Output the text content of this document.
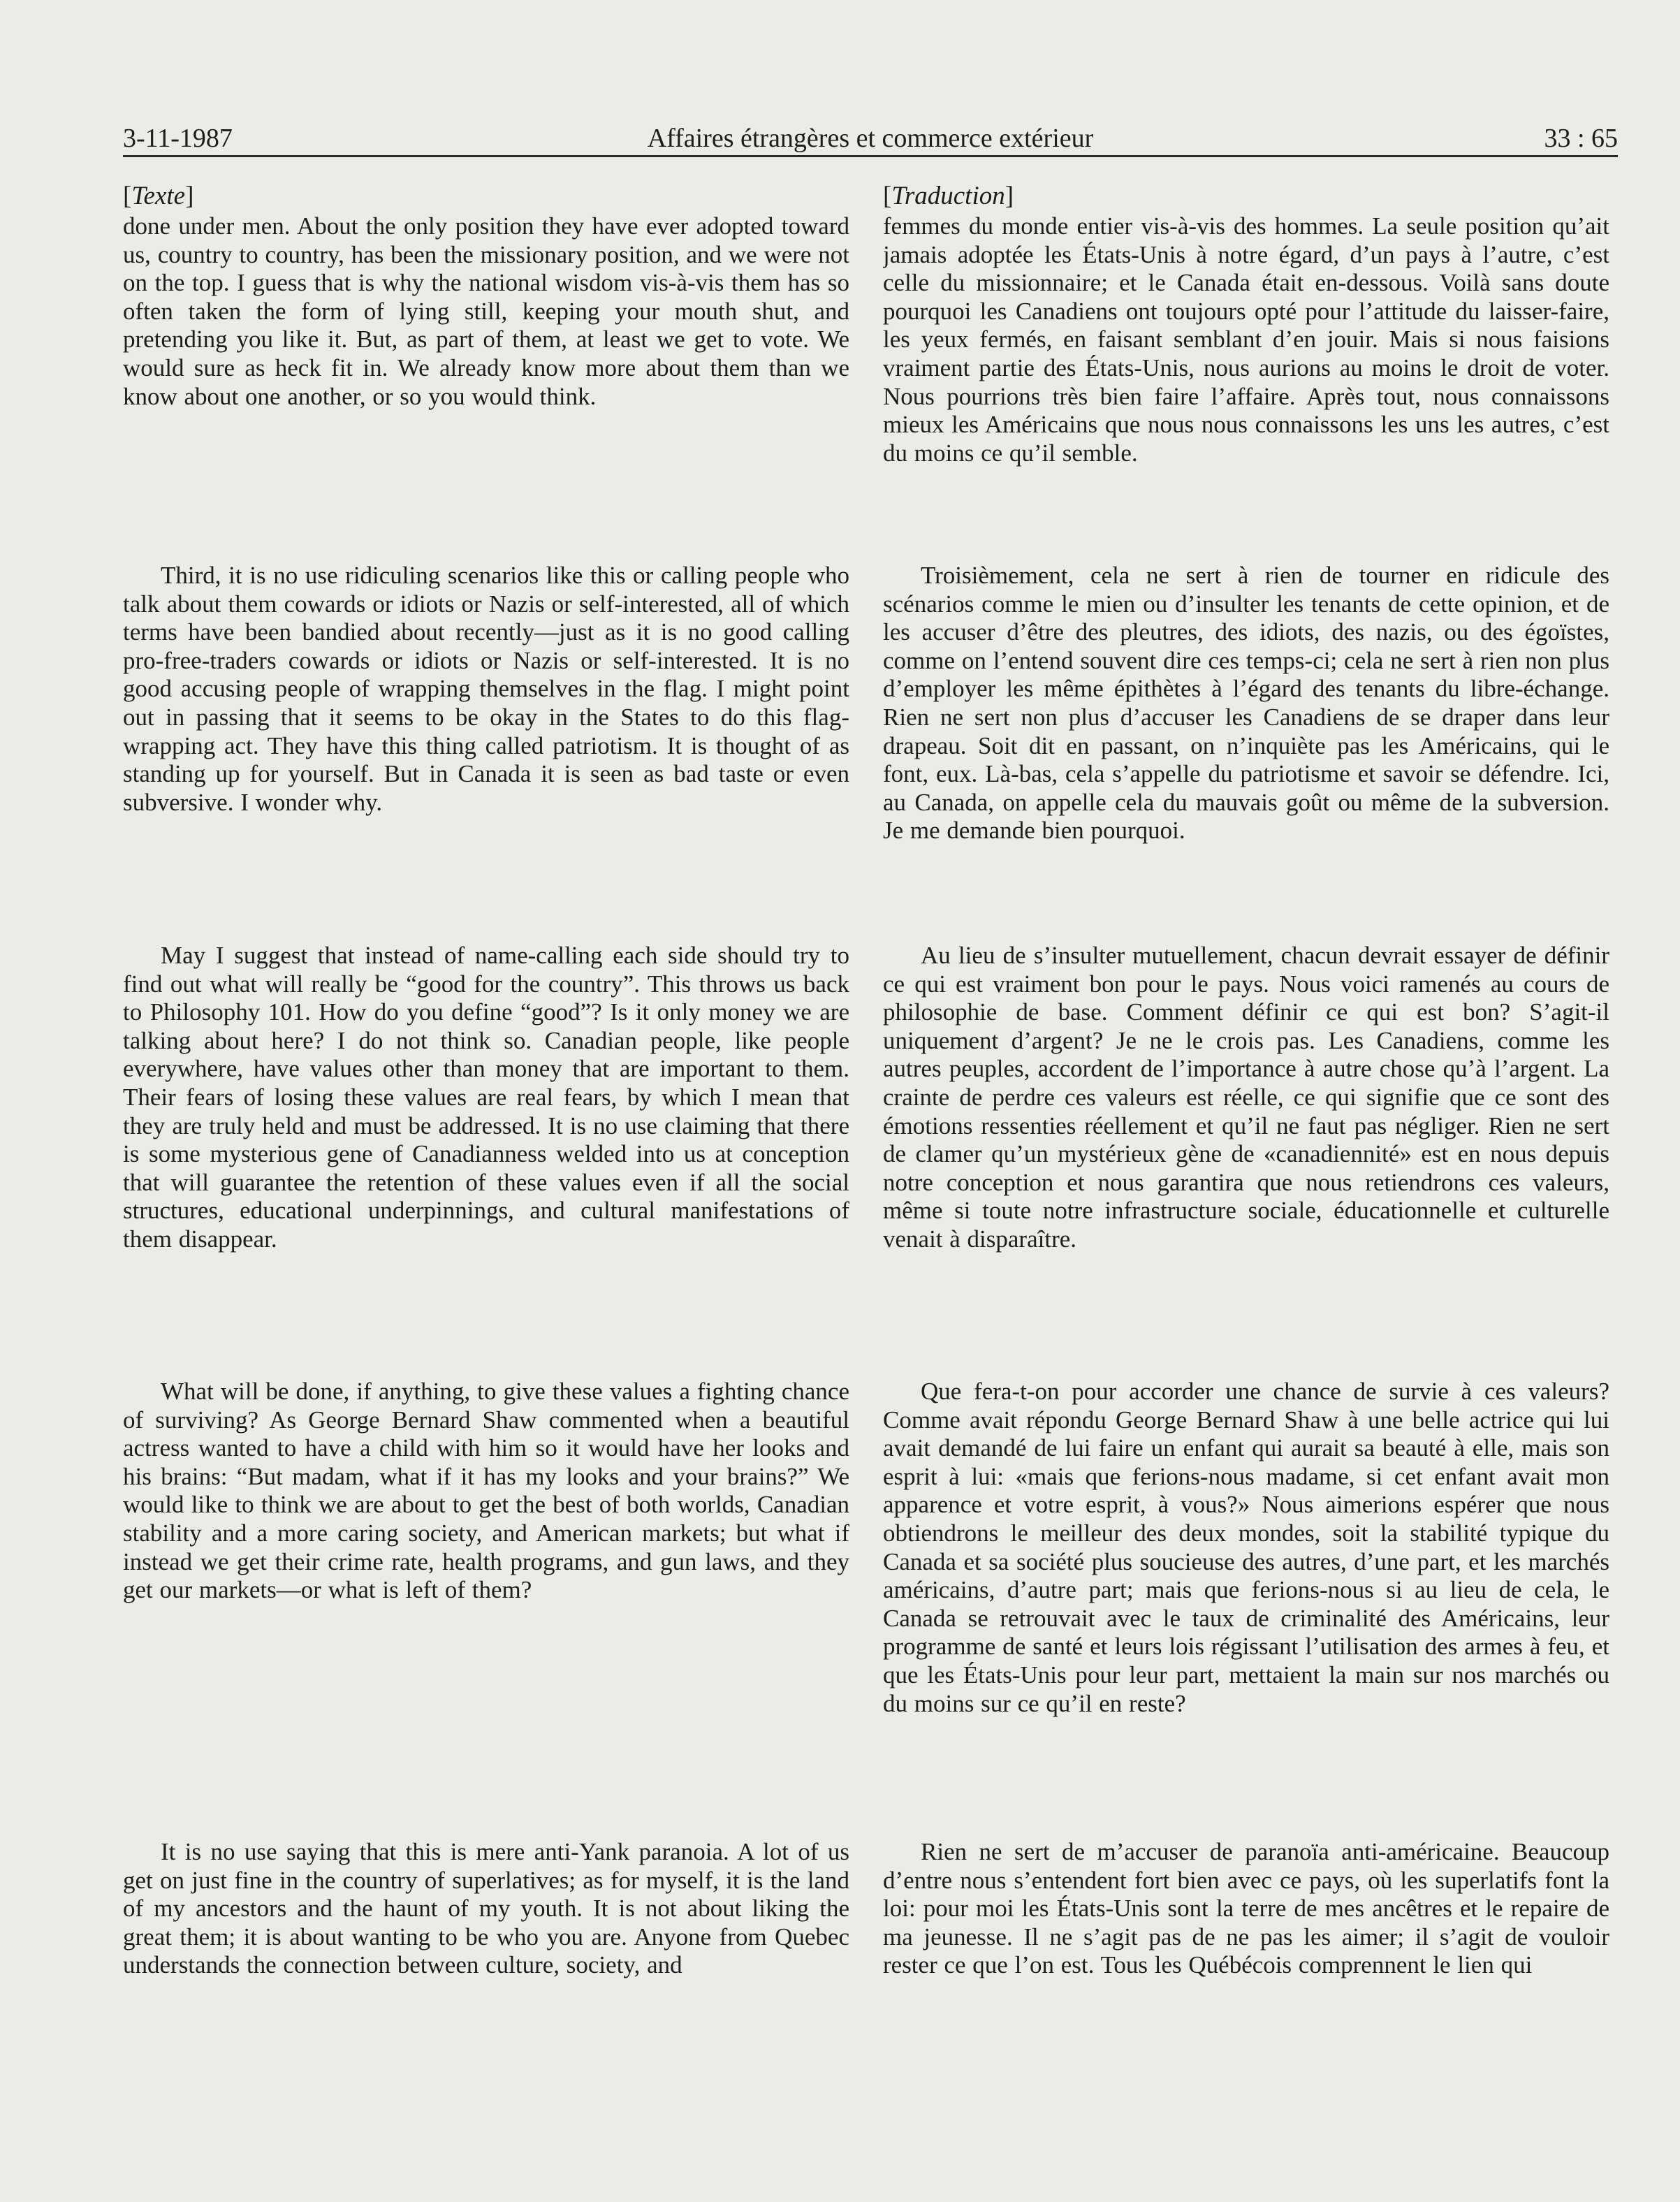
Affaires étrangères et commerce extérieur
3-11-1987	33 : 65

[Texte]

done under men. About the only position they have ever adopted toward us, country to country, has been the missionary position, and we were not on the top. I guess that is why the national wisdom vis-à-vis them has so often taken the form of lying still, keeping your mouth shut, and pretending you like it. But, as part of them, at least we get to vote. We would sure as heck fit in. We already know more about them than we know about one another, or so you would think.

Third, it is no use ridiculing scenarios like this or calling people who talk about them cowards or idiots or Nazis or self-interested, all of which terms have been bandied about recently—just as it is no good calling pro-free-traders cowards or idiots or Nazis or self-interested. It is no good accusing people of wrapping themselves in the flag. I might point out in passing that it seems to be okay in the States to do this flag-wrapping act. They have this thing called patriotism. It is thought of as standing up for yourself. But in Canada it is seen as bad taste or even subversive. I wonder why.

May I suggest that instead of name-calling each side should try to find out what will really be “good for the country”. This throws us back to Philosophy 101. How do you define “good”? Is it only money we are talking about here? I do not think so. Canadian people, like people everywhere, have values other than money that are important to them. Their fears of losing these values are real fears, by which I mean that they are truly held and must be addressed. It is no use claiming that there is some mysterious gene of Canadianness welded into us at conception that will guarantee the retention of these values even if all the social structures, educational underpinnings, and cultural manifestations of them disappear.

What will be done, if anything, to give these values a fighting chance of surviving? As George Bernard Shaw commented when a beautiful actress wanted to have a child with him so it would have her looks and his brains: “But madam, what if it has my looks and your brains?” We would like to think we are about to get the best of both worlds, Canadian stability and a more caring society, and American markets; but what if instead we get their crime rate, health programs, and gun laws, and they get our markets—or what is left of them?

It is no use saying that this is mere anti-Yank paranoia. A lot of us get on just fine in the country of superlatives; as for myself, it is the land of my ancestors and the haunt of my youth. It is not about liking the great them; it is about wanting to be who you are. Anyone from Quebec understands the connection between culture, society, and

[Traduction]

femmes du monde entier vis-à-vis des hommes. La seule position qu’ait jamais adoptée les États-Unis à notre égard, d’un pays à l’autre, c’est celle du missionnaire; et le Canada était en-dessous. Voilà sans doute pourquoi les Canadiens ont toujours opté pour l’attitude du laisser-faire, les yeux fermés, en faisant semblant d’en jouir. Mais si nous faisions vraiment partie des États-Unis, nous aurions au moins le droit de voter. Nous pourrions très bien faire l’affaire. Après tout, nous connaissons mieux les Américains que nous nous connaissons les uns les autres, c’est du moins ce qu’il semble.

Troisièmement, cela ne sert à rien de tourner en ridicule des scénarios comme le mien ou d’insulter les tenants de cette opinion, et de les accuser d’être des pleutres, des idiots, des nazis, ou des égoïstes, comme on l’entend souvent dire ces temps-ci; cela ne sert à rien non plus d’employer les même épithètes à l’égard des tenants du libre-échange. Rien ne sert non plus d’accuser les Canadiens de se draper dans leur drapeau. Soit dit en passant, on n’inquiète pas les Américains, qui le font, eux. Là-bas, cela s’appelle du patriotisme et savoir se défendre. Ici, au Canada, on appelle cela du mauvais goût ou même de la subversion. Je me demande bien pourquoi.

Au lieu de s’insulter mutuellement, chacun devrait essayer de définir ce qui est vraiment bon pour le pays. Nous voici ramenés au cours de philosophie de base. Comment définir ce qui est bon? S’agit-il uniquement d’argent? Je ne le crois pas. Les Canadiens, comme les autres peuples, accordent de l’importance à autre chose qu’à l’argent. La crainte de perdre ces valeurs est réelle, ce qui signifie que ce sont des émotions ressenties réellement et qu’il ne faut pas négliger. Rien ne sert de clamer qu’un mystérieux gène de «canadiennité» est en nous depuis notre conception et nous garantira que nous retiendrons ces valeurs, même si toute notre infrastructure sociale, éducationnelle et culturelle venait à disparaître.

Que fera-t-on pour accorder une chance de survie à ces valeurs? Comme avait répondu George Bernard Shaw à une belle actrice qui lui avait demandé de lui faire un enfant qui aurait sa beauté à elle, mais son esprit à lui: «mais que ferions-nous madame, si cet enfant avait mon apparence et votre esprit, à vous?» Nous aimerions espérer que nous obtiendrons le meilleur des deux mondes, soit la stabilité typique du Canada et sa société plus soucieuse des autres, d’une part, et les marchés américains, d’autre part; mais que ferions-nous si au lieu de cela, le Canada se retrouvait avec le taux de criminalité des Américains, leur programme de santé et leurs lois régissant l’utilisation des armes à feu, et que les États-Unis pour leur part, mettaient la main sur nos marchés ou du moins sur ce qu’il en reste?

Rien ne sert de m’accuser de paranoïa anti-américaine. Beaucoup d’entre nous s’entendent fort bien avec ce pays, où les superlatifs font la loi: pour moi les États-Unis sont la terre de mes ancêtres et le repaire de ma jeunesse. Il ne s’agit pas de ne pas les aimer; il s’agit de vouloir rester ce que l’on est. Tous les Québécois comprennent le lien qui
